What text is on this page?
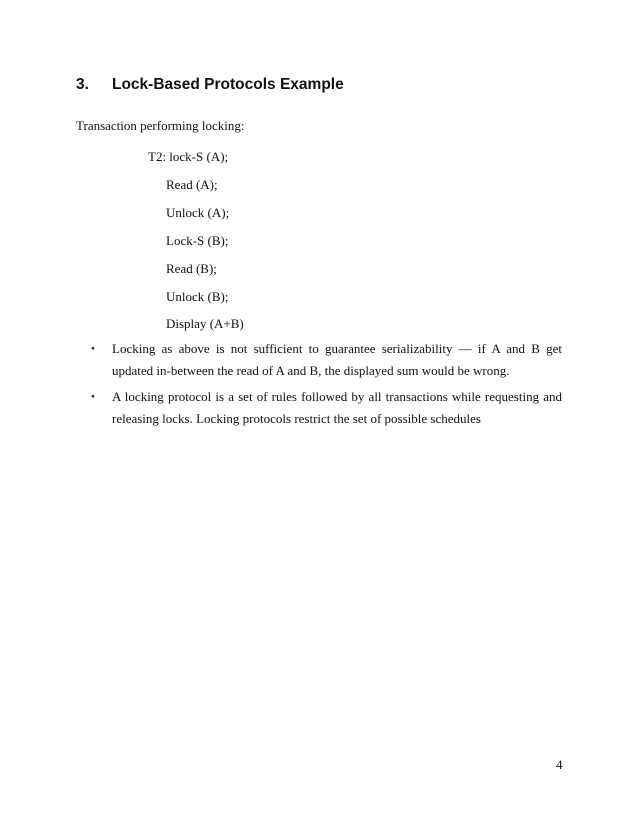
3. Lock-Based Protocols Example
Transaction performing locking:
T2: lock-S (A);
Read (A);
Unlock (A);
Lock-S (B);
Read (B);
Unlock (B);
Display (A+B)
• Locking as above is not sufficient to guarantee serializability — if A and B get updated in-between the read of A and B, the displayed sum would be wrong.
• A locking protocol is a set of rules followed by all transactions while requesting and releasing locks. Locking protocols restrict the set of possible schedules
4
